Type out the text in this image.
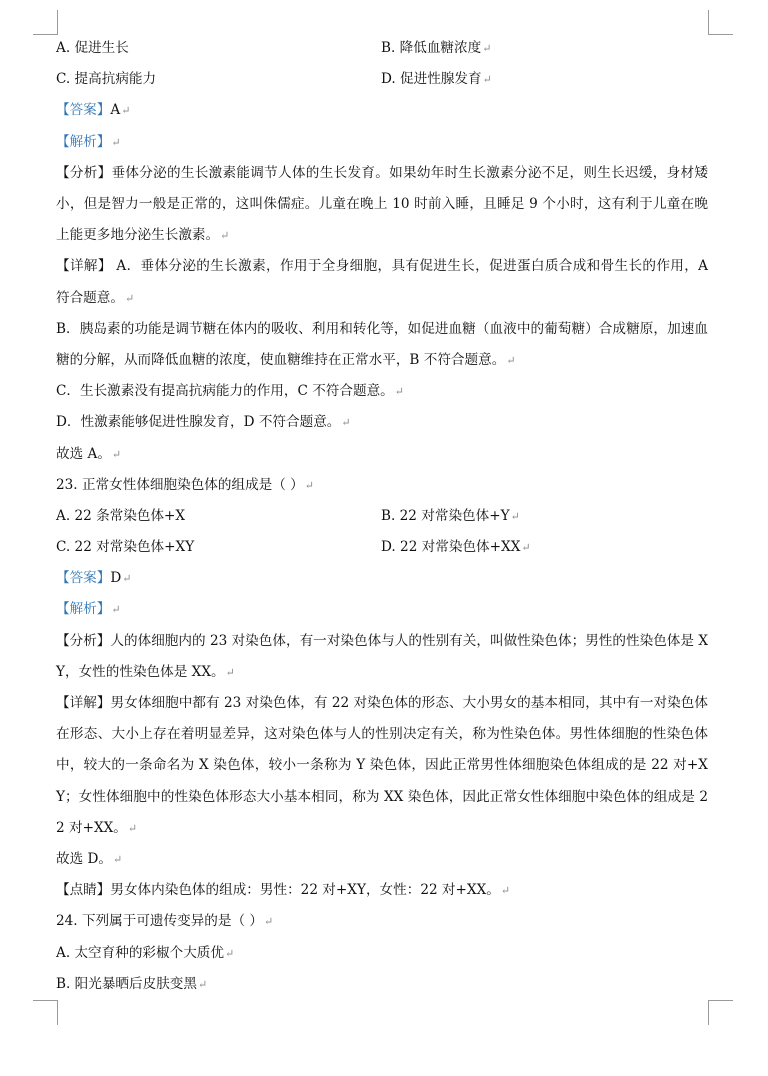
A. 促进生长	B. 降低血糖浓度↵
C. 提高抗病能力	D. 促进性腺发育↵
【答案】A↵
【解析】↵
【分析】垂体分泌的生长激素能调节人体的生长发育。如果幼年时生长激素分泌不足，则生长迟缓，身材矮小，但是智力一般是正常的，这叫侏儒症。儿童在晚上 10 时前入睡，且睡足 9 个小时，这有利于儿童在晚上能更多地分泌生长激素。↵
【详解】 A．垂体分泌的生长激素，作用于全身细胞，具有促进生长，促进蛋白质合成和骨生长的作用，A 符合题意。↵
B．胰岛素的功能是调节糖在体内的吸收、利用和转化等，如促进血糖（血液中的葡萄糖）合成糖原，加速血糖的分解，从而降低血糖的浓度，使血糖维持在正常水平，B 不符合题意。↵
C．生长激素没有提高抗病能力的作用，C 不符合题意。↵
D．性激素能够促进性腺发育，D 不符合题意。↵
故选 A。↵
23. 正常女性体细胞染色体的组成是（ ）↵
A. 22 条常染色体+X	B. 22 对常染色体+Y↵
C. 22 对常染色体+XY	D. 22 对常染色体+XX↵
【答案】D↵
【解析】↵
【分析】人的体细胞内的 23 对染色体，有一对染色体与人的性别有关，叫做性染色体；男性的性染色体是 XY，女性的性染色体是 XX。↵
【详解】男女体细胞中都有 23 对染色体，有 22 对染色体的形态、大小男女的基本相同，其中有一对染色体在形态、大小上存在着明显差异，这对染色体与人的性别决定有关，称为性染色体。男性体细胞的性染色体中，较大的一条命名为 X 染色体，较小一条称为 Y 染色体，因此正常男性体细胞染色体组成的是 22 对+XY；女性体细胞中的性染色体形态大小基本相同，称为 XX 染色体，因此正常女性体细胞中染色体的组成是 22 对+XX。↵
故选 D。↵
【点睛】男女体内染色体的组成：男性：22 对+XY，女性：22 对+XX。↵
24. 下列属于可遗传变异的是（ ）↵
A. 太空育种的彩椒个大质优↵
B. 阳光暴晒后皮肤变黑↵
